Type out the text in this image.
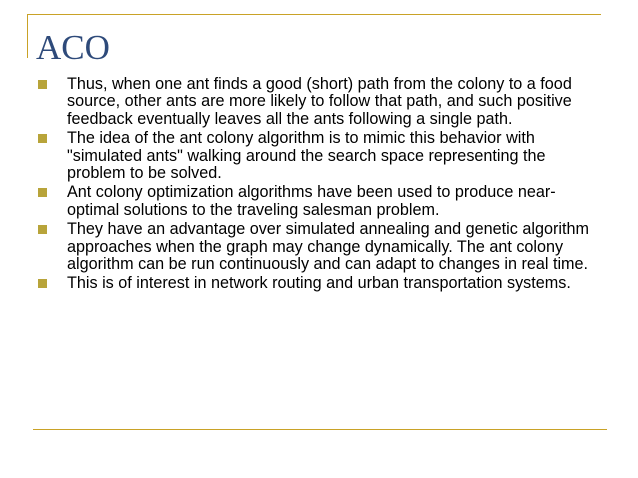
ACO
Thus, when one ant finds a good (short) path from the colony to a food source, other ants are more likely to follow that path, and such positive feedback eventually leaves all the ants following a single path.
The idea of the ant colony algorithm is to mimic this behavior with "simulated ants" walking around the search space representing the problem to be solved.
Ant colony optimization algorithms have been used to produce near-optimal solutions to the traveling salesman problem.
They have an advantage over simulated annealing and genetic algorithm approaches when the graph may change dynamically. The ant colony algorithm can be run continuously and can adapt to changes in real time.
This is of interest in network routing and urban transportation systems.
